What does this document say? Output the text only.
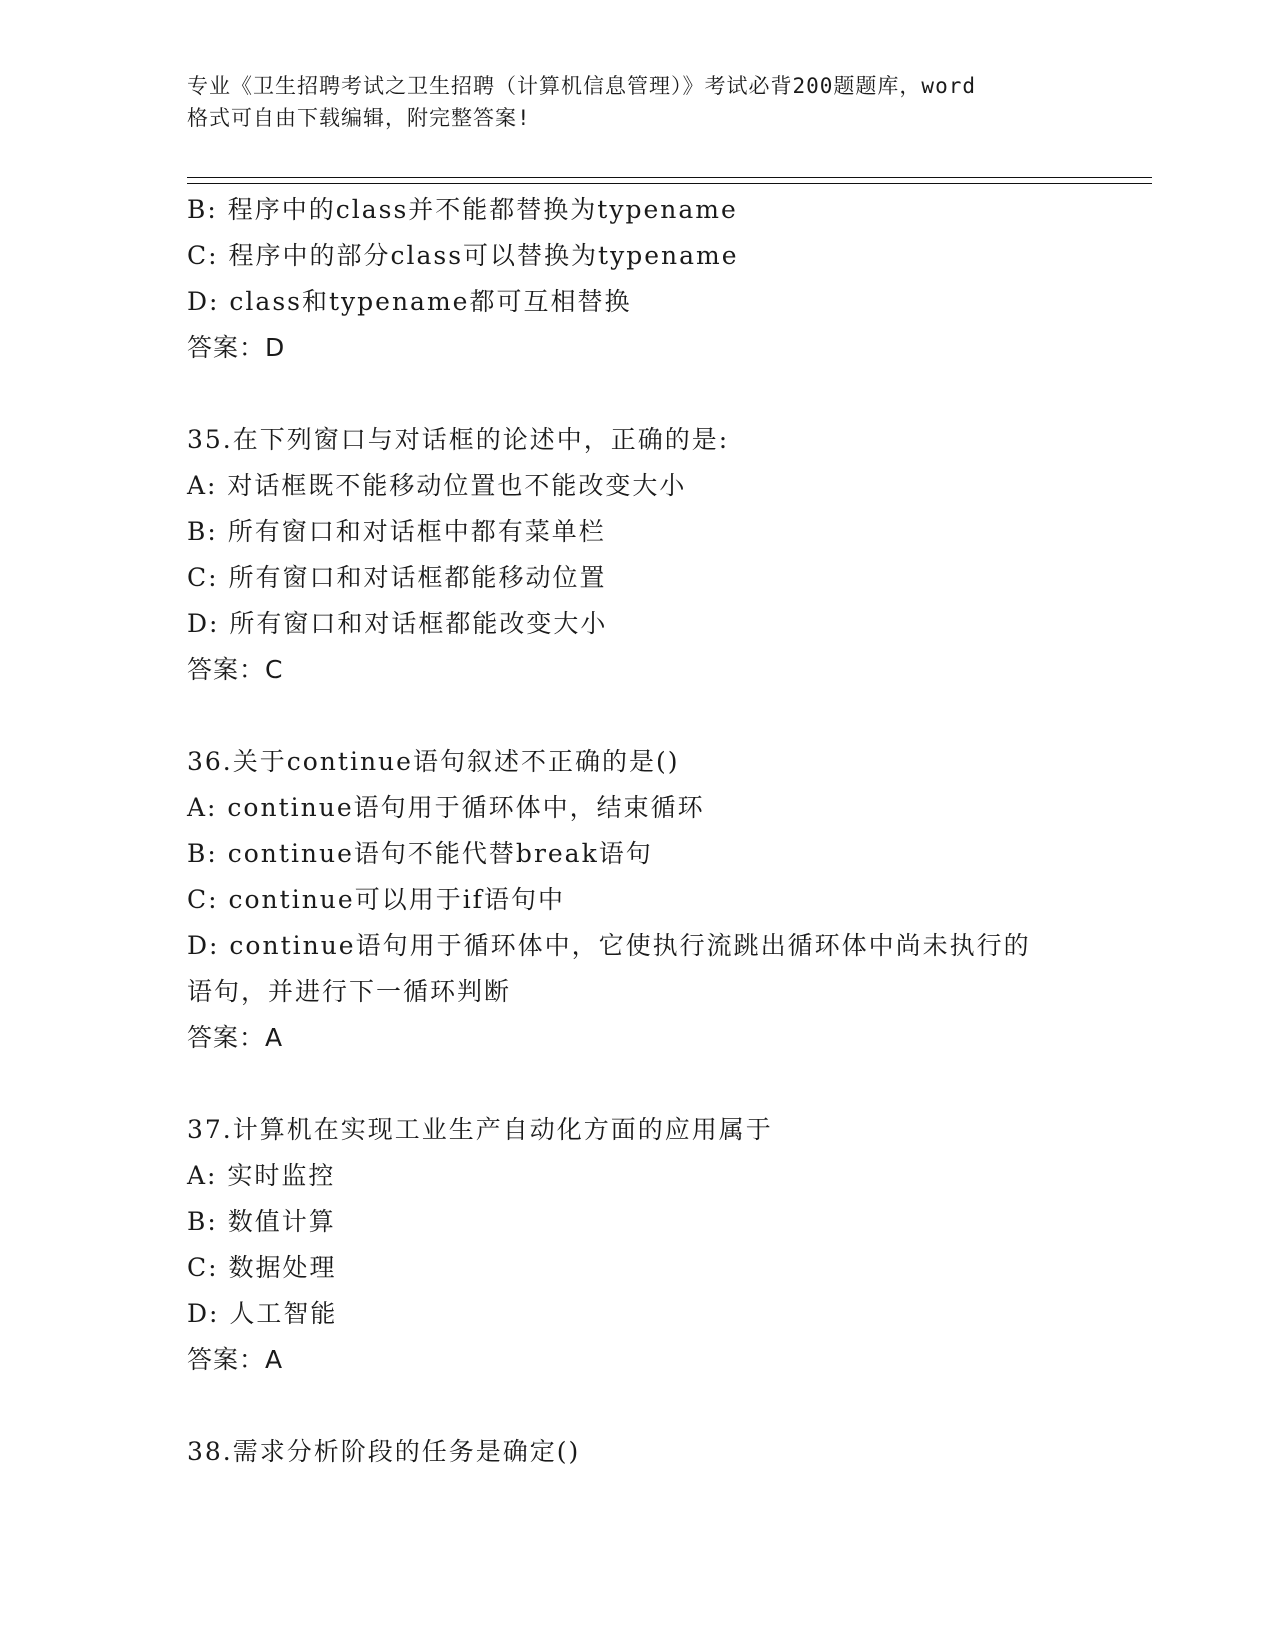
专业《卫生招聘考试之卫生招聘（计算机信息管理）》考试必背200题题库，word
格式可自由下载编辑，附完整答案!
B: 程序中的class并不能都替换为typename
C: 程序中的部分class可以替换为typename
D: class和typename都可互相替换
答案：D
35.在下列窗口与对话框的论述中，正确的是:
A: 对话框既不能移动位置也不能改变大小
B: 所有窗口和对话框中都有菜单栏
C: 所有窗口和对话框都能移动位置
D: 所有窗口和对话框都能改变大小
答案：C
36.关于continue语句叙述不正确的是()
A: continue语句用于循环体中，结束循环
B: continue语句不能代替break语句
C: continue可以用于if语句中
D: continue语句用于循环体中，它使执行流跳出循环体中尚未执行的
语句，并进行下一循环判断
答案：A
37.计算机在实现工业生产自动化方面的应用属于
A: 实时监控
B: 数值计算
C: 数据处理
D: 人工智能
答案：A
38.需求分析阶段的任务是确定()
